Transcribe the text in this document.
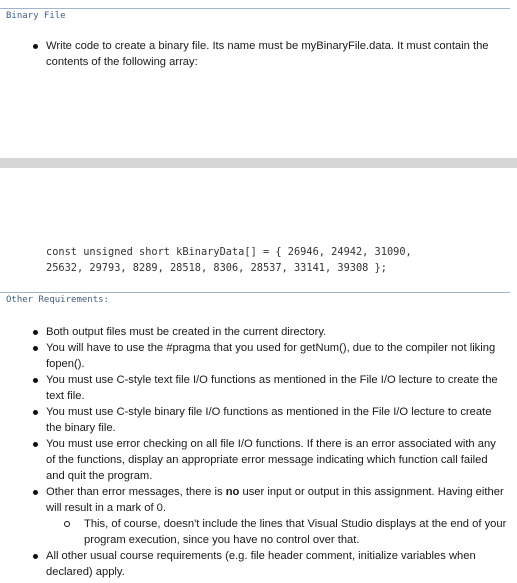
Binary File
Write code to create a binary file. Its name must be myBinaryFile.data. It must contain the contents of the following array:
const unsigned short kBinaryData[] = { 26946, 24942, 31090,
25632, 29793, 8289, 28518, 8306, 28537, 33141, 39308 };
Other Requirements:
Both output files must be created in the current directory.
You will have to use the #pragma that you used for getNum(), due to the compiler not liking fopen().
You must use C-style text file I/O functions as mentioned in the File I/O lecture to create the text file.
You must use C-style binary file I/O functions as mentioned in the File I/O lecture to create the binary file.
You must use error checking on all file I/O functions. If there is an error associated with any of the functions, display an appropriate error message indicating which function call failed and quit the program.
Other than error messages, there is no user input or output in this assignment. Having either will result in a mark of 0.
This, of course, doesn't include the lines that Visual Studio displays at the end of your program execution, since you have no control over that.
All other usual course requirements (e.g. file header comment, initialize variables when declared) apply.
